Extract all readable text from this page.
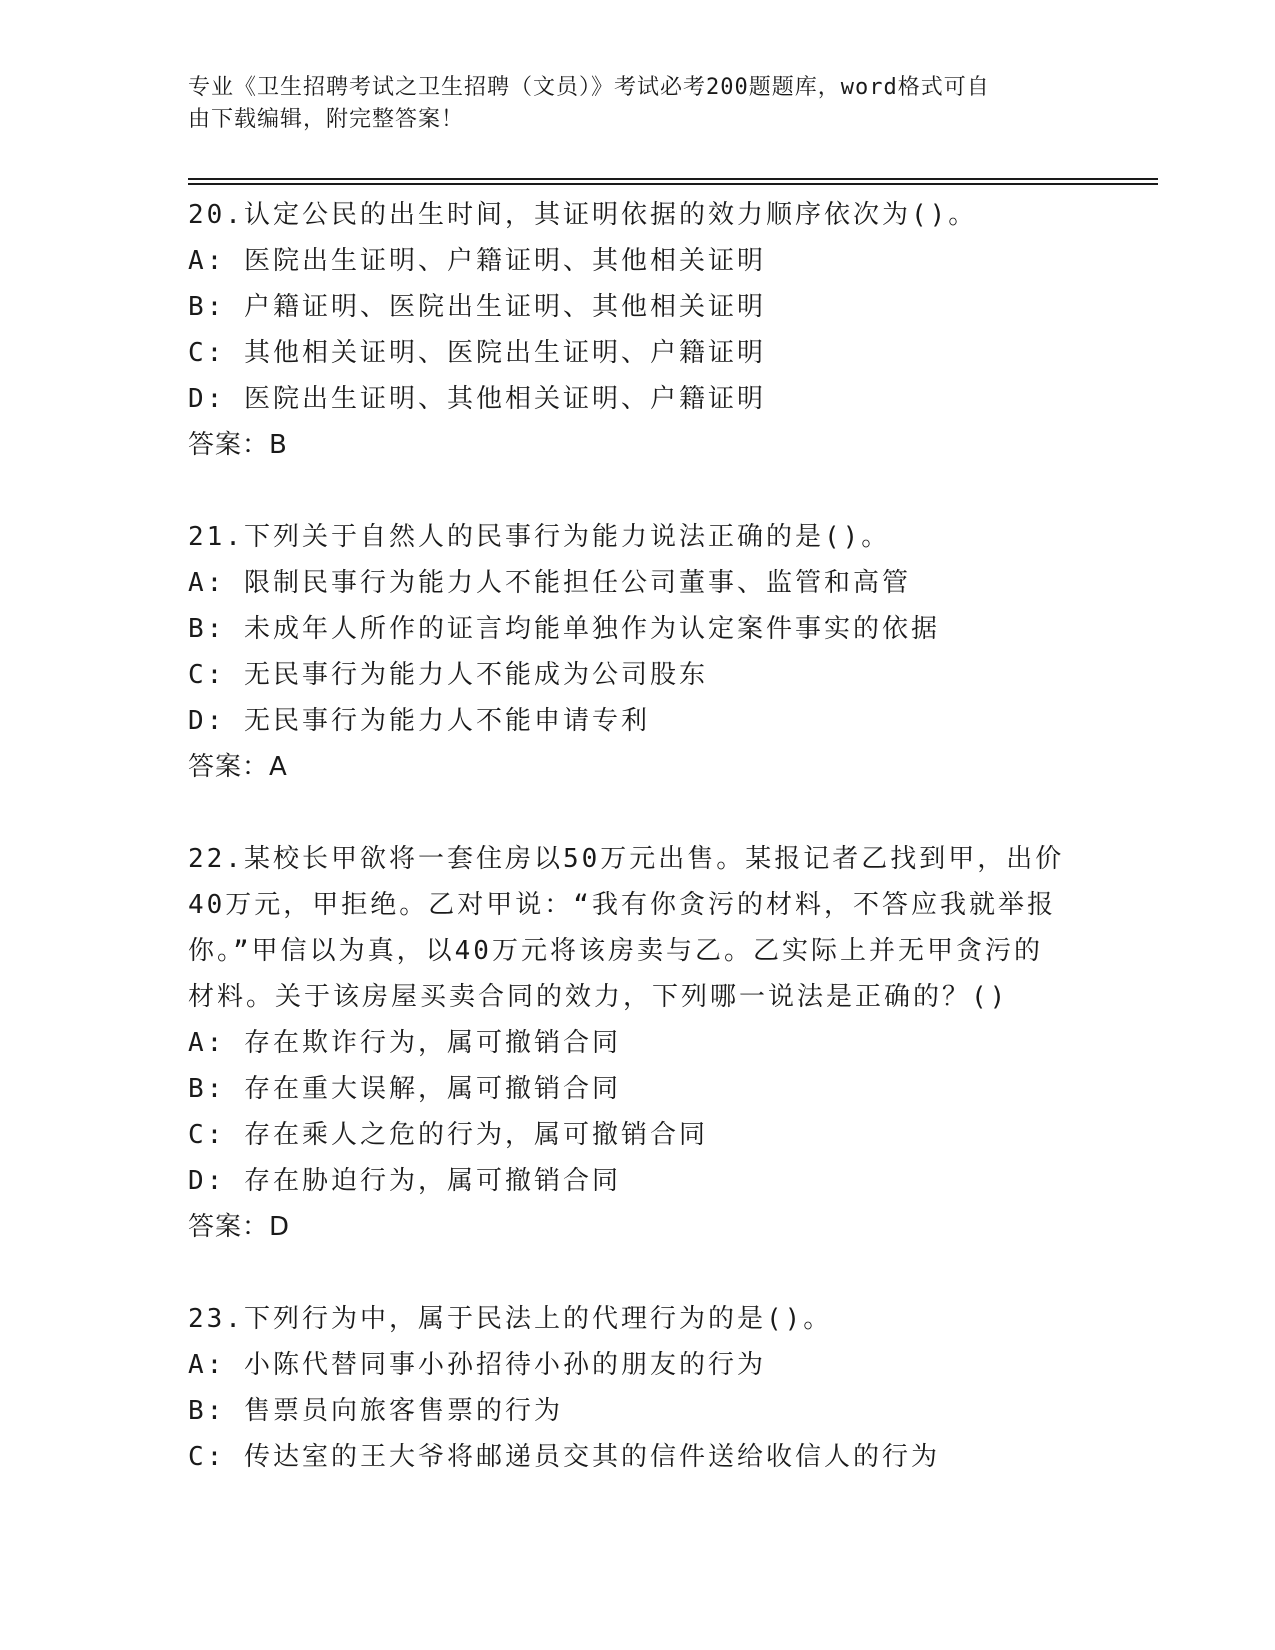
专业《卫生招聘考试之卫生招聘（文员）》考试必考200题题库，word格式可自
由下载编辑，附完整答案！
20.认定公民的出生时间，其证明依据的效力顺序依次为()。
A: 医院出生证明、户籍证明、其他相关证明
B: 户籍证明、医院出生证明、其他相关证明
C: 其他相关证明、医院出生证明、户籍证明
D: 医院出生证明、其他相关证明、户籍证明
答案：B
21.下列关于自然人的民事行为能力说法正确的是()。
A: 限制民事行为能力人不能担任公司董事、监管和高管
B: 未成年人所作的证言均能单独作为认定案件事实的依据
C: 无民事行为能力人不能成为公司股东
D: 无民事行为能力人不能申请专利
答案：A
22.某校长甲欲将一套住房以50万元出售。某报记者乙找到甲，出价
40万元，甲拒绝。乙对甲说：“我有你贪污的材料，不答应我就举报
你。”甲信以为真，以40万元将该房卖与乙。乙实际上并无甲贪污的
材料。关于该房屋买卖合同的效力，下列哪一说法是正确的？()
A: 存在欺诈行为，属可撤销合同
B: 存在重大误解，属可撤销合同
C: 存在乘人之危的行为，属可撤销合同
D: 存在胁迫行为，属可撤销合同
答案：D
23.下列行为中，属于民法上的代理行为的是()。
A: 小陈代替同事小孙招待小孙的朋友的行为
B: 售票员向旅客售票的行为
C: 传达室的王大爷将邮递员交其的信件送给收信人的行为
